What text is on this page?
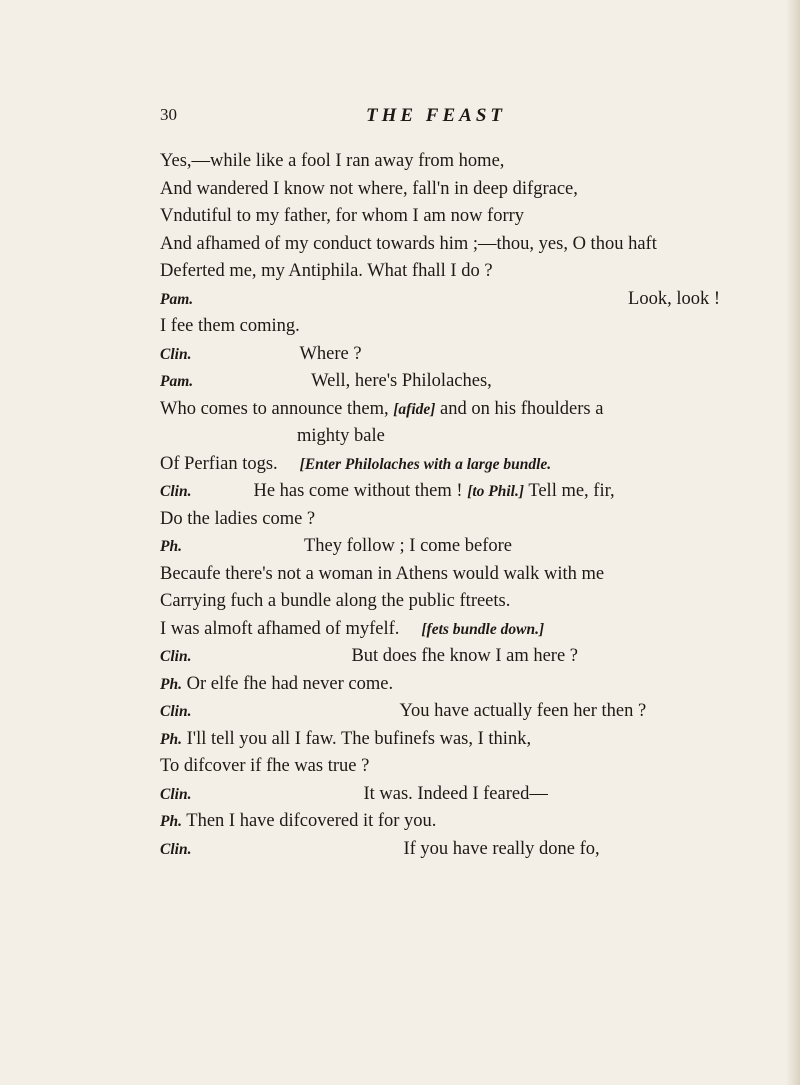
30	THE FEAST
Yes,—while like a fool I ran away from home,
And wandered I know not where, fall'n in deep difgrace,
Vndutiful to my father, for whom I am now forry
And afhamed of my conduct towards him ;—thou, yes, O thou haft
Deferted me, my Antiphila. What fhall I do ?
Pam.	Look, look !
I fee them coming.
Clin.	Where ?
Pam.	Well, here's Philolaches,
Who comes to announce them, [afide] and on his fhoulders a
mighty bale
Of Perfian togs. [Enter Philolaches with a large bundle.
Clin.	He has come without them ! [to Phil.] Tell me, fir,
Do the ladies come ?
Ph.	They follow ; I come before
Becaufe there's not a woman in Athens would walk with me
Carrying fuch a bundle along the public ftreets.
I was almoft afhamed of myfelf. [fets bundle down.]
Clin.	But does fhe know I am here ?
Ph. Or elfe fhe had never come.
Clin.	You have actually feen her then ?
Ph. I'll tell you all I faw. The bufinefs was, I think,
To difcover if fhe was true ?
Clin.	It was. Indeed I feared—
Ph. Then I have difcovered it for you.
Clin.	If you have really done fo,
